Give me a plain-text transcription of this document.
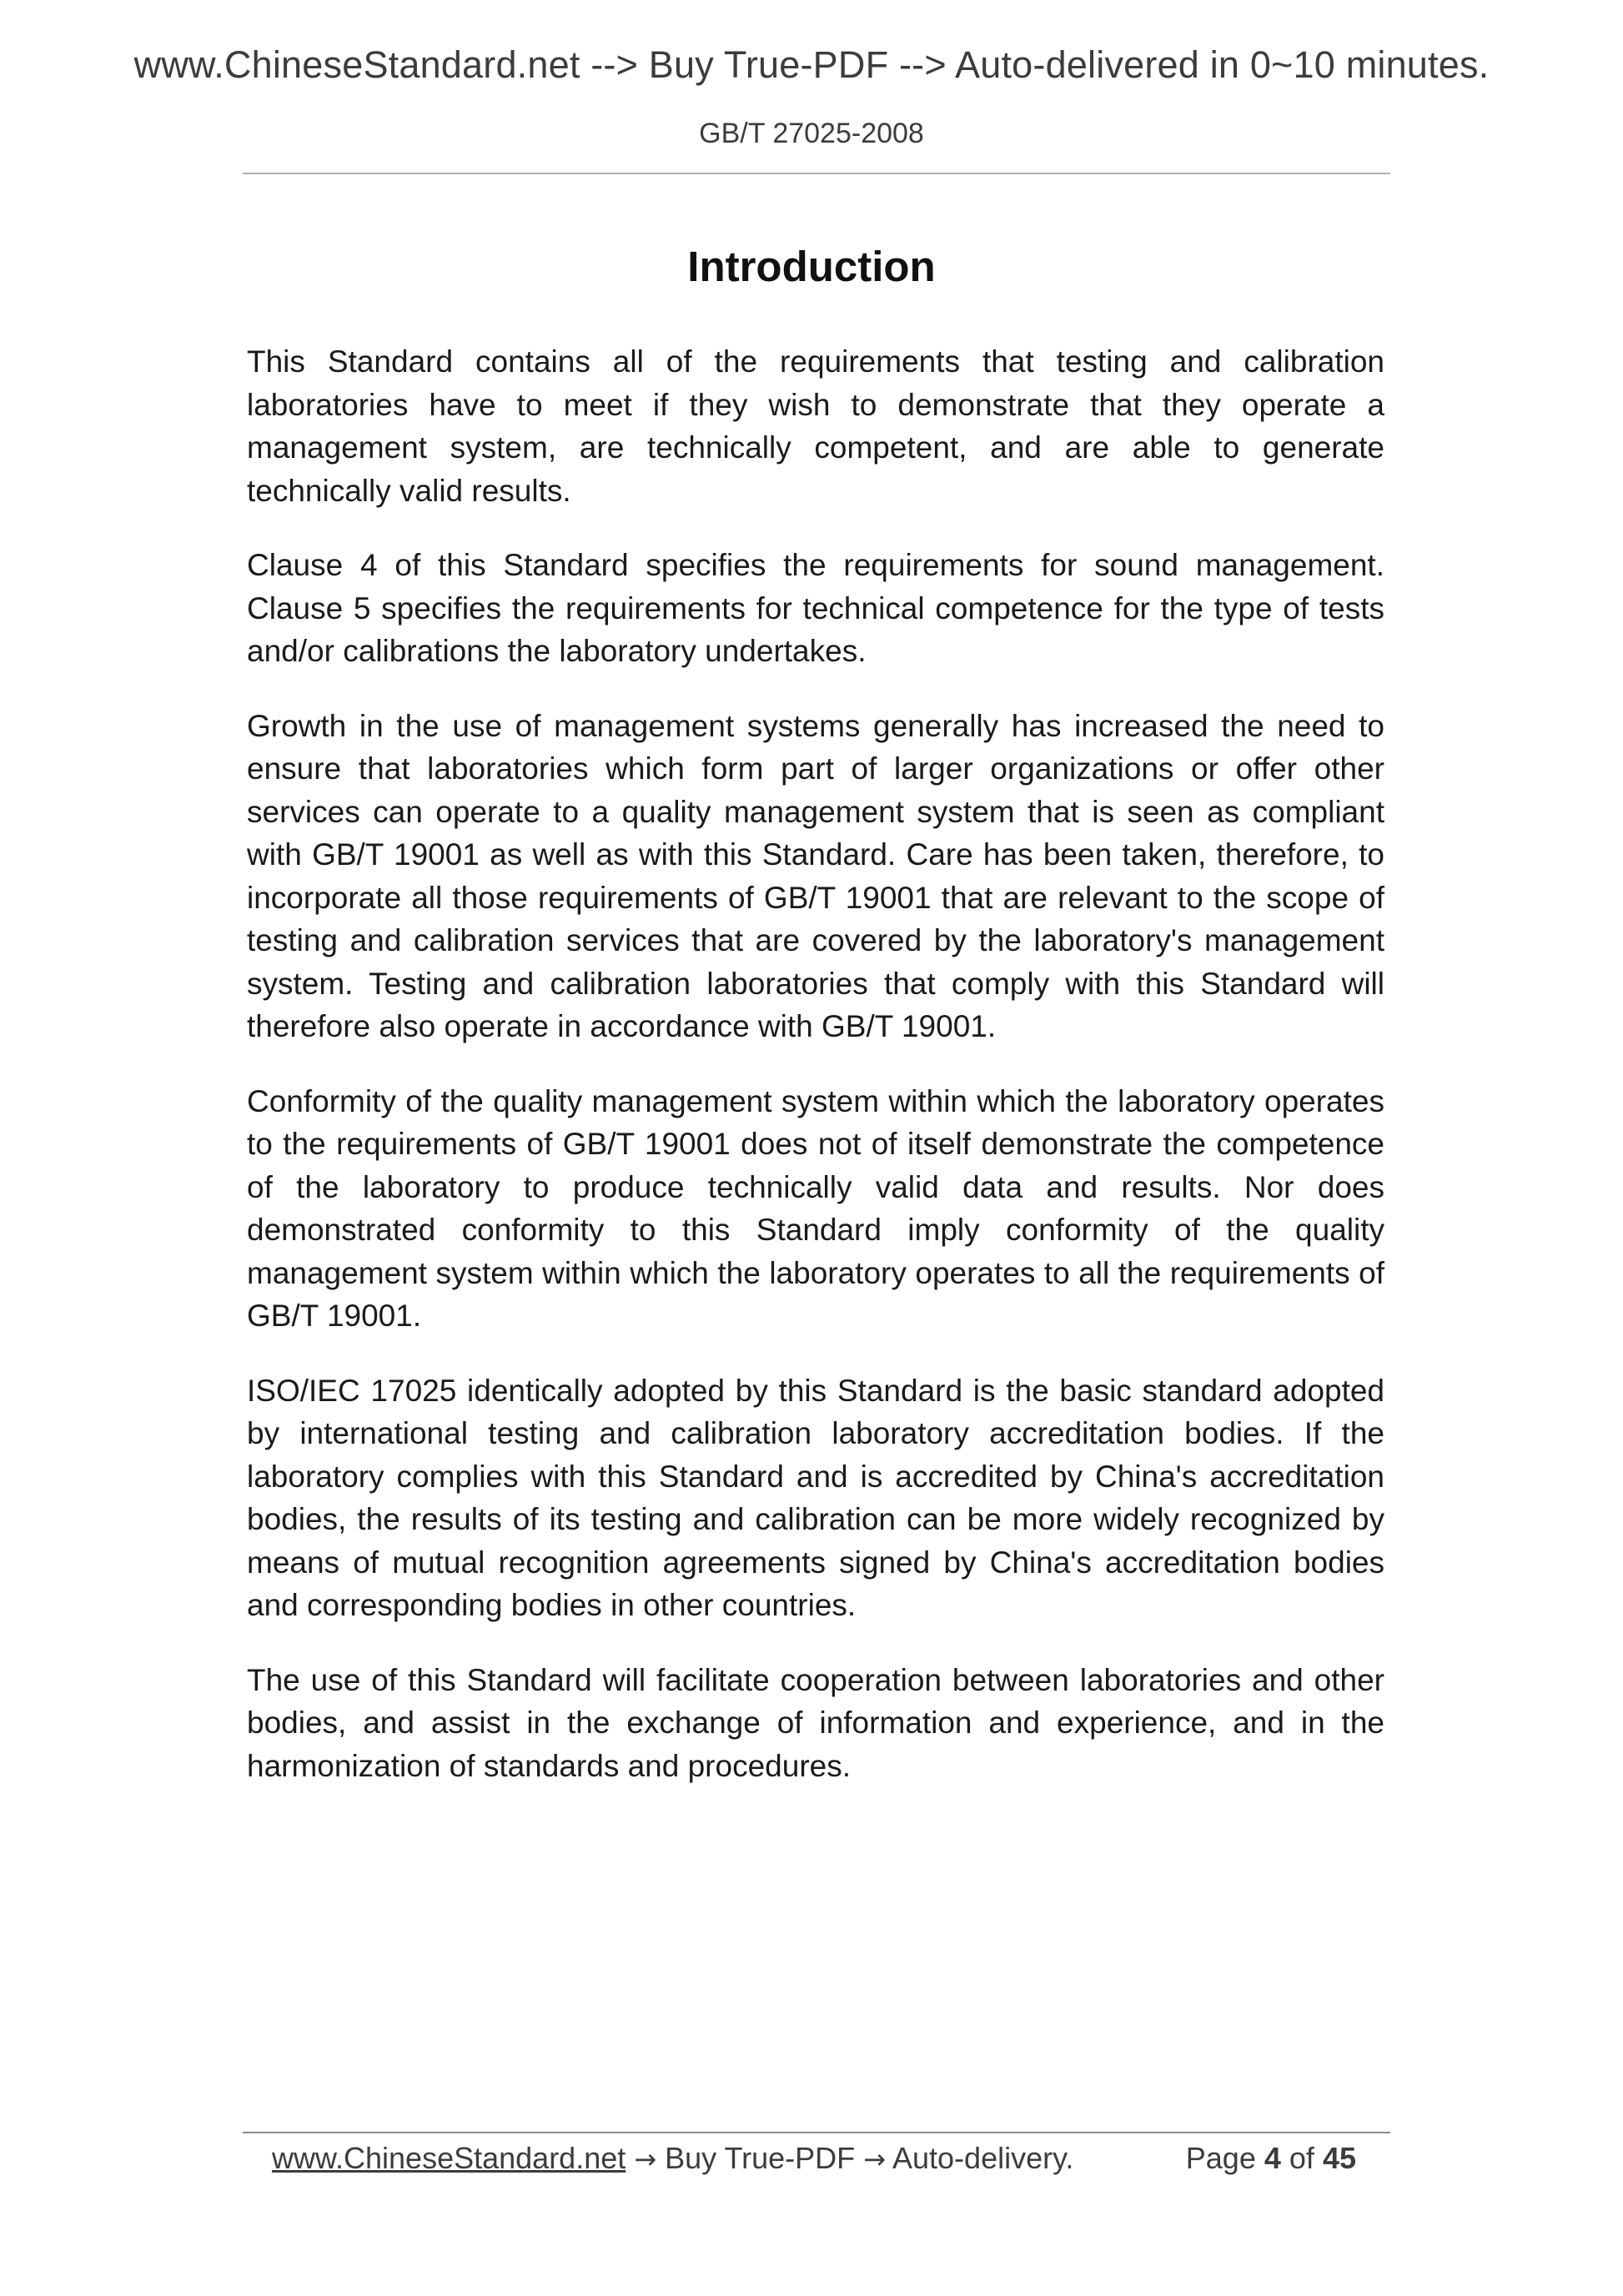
www.ChineseStandard.net --> Buy True-PDF --> Auto-delivered in 0~10 minutes.
GB/T 27025-2008
Introduction

This Standard contains all of the requirements that testing and calibration laboratories have to meet if they wish to demonstrate that they operate a management system, are technically competent, and are able to generate technically valid results.

Clause 4 of this Standard specifies the requirements for sound management. Clause 5 specifies the requirements for technical competence for the type of tests and/or calibrations the laboratory undertakes.

Growth in the use of management systems generally has increased the need to ensure that laboratories which form part of larger organizations or offer other services can operate to a quality management system that is seen as compliant with GB/T 19001 as well as with this Standard. Care has been taken, therefore, to incorporate all those requirements of GB/T 19001 that are relevant to the scope of testing and calibration services that are covered by the laboratory's management system. Testing and calibration laboratories that comply with this Standard will therefore also operate in accordance with GB/T 19001.

Conformity of the quality management system within which the laboratory operates to the requirements of GB/T 19001 does not of itself demonstrate the competence of the laboratory to produce technically valid data and results. Nor does demonstrated conformity to this Standard imply conformity of the quality management system within which the laboratory operates to all the requirements of GB/T 19001.

ISO/IEC 17025 identically adopted by this Standard is the basic standard adopted by international testing and calibration laboratory accreditation bodies. If the laboratory complies with this Standard and is accredited by China's accreditation bodies, the results of its testing and calibration can be more widely recognized by means of mutual recognition agreements signed by China's accreditation bodies and corresponding bodies in other countries.

The use of this Standard will facilitate cooperation between laboratories and other bodies, and assist in the exchange of information and experience, and in the harmonization of standards and procedures.

www.ChineseStandard.net → Buy True-PDF → Auto-delivery.	Page 4 of 45
